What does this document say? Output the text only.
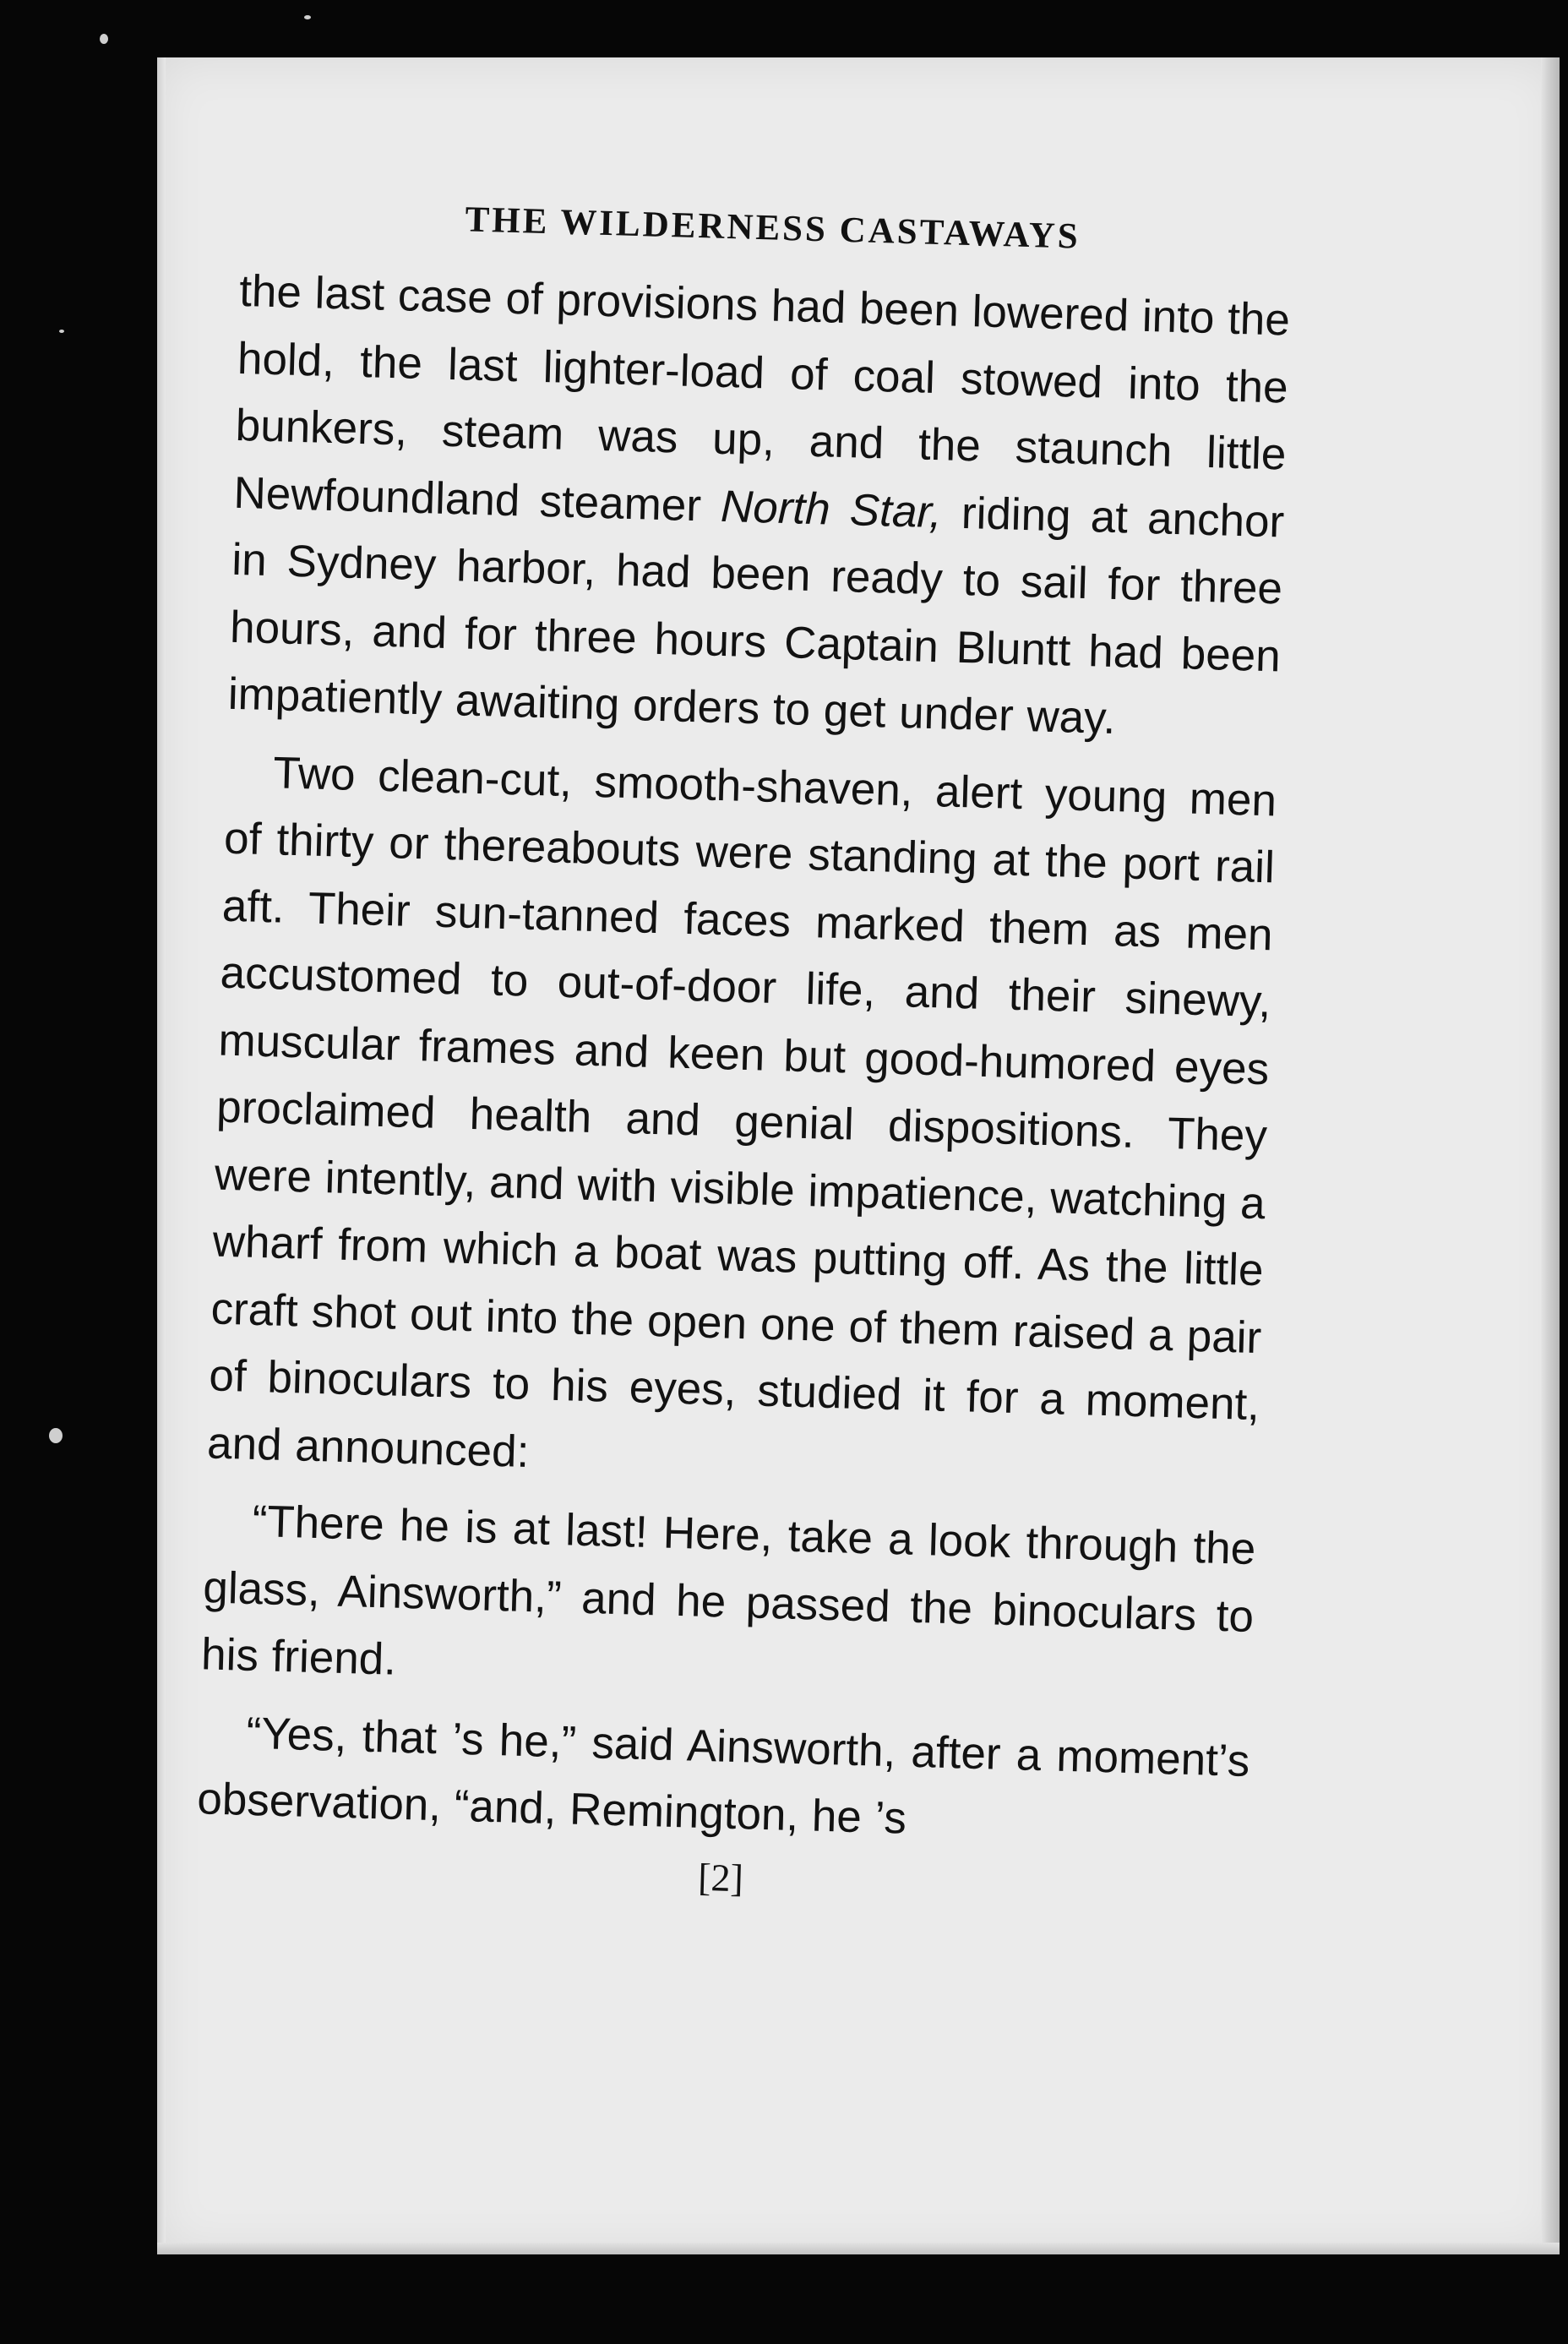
THE WILDERNESS CASTAWAYS

the last case of provisions had been lowered into the hold, the last lighter-load of coal stowed into the bunkers, steam was up, and the staunch little Newfoundland steamer North Star, riding at anchor in Sydney harbor, had been ready to sail for three hours, and for three hours Captain Bluntt had been impatiently awaiting orders to get under way.

Two clean-cut, smooth-shaven, alert young men of thirty or thereabouts were standing at the port rail aft. Their sun-tanned faces marked them as men accustomed to out-of-door life, and their sinewy, muscular frames and keen but good-humored eyes proclaimed health and genial dispositions. They were intently, and with visible impatience, watching a wharf from which a boat was putting off. As the little craft shot out into the open one of them raised a pair of binoculars to his eyes, studied it for a moment, and announced:

“There he is at last! Here, take a look through the glass, Ainsworth,” and he passed the binoculars to his friend.

“Yes, that ’s he,” said Ainsworth, after a moment’s observation, “and, Remington, he ’s

[2]
